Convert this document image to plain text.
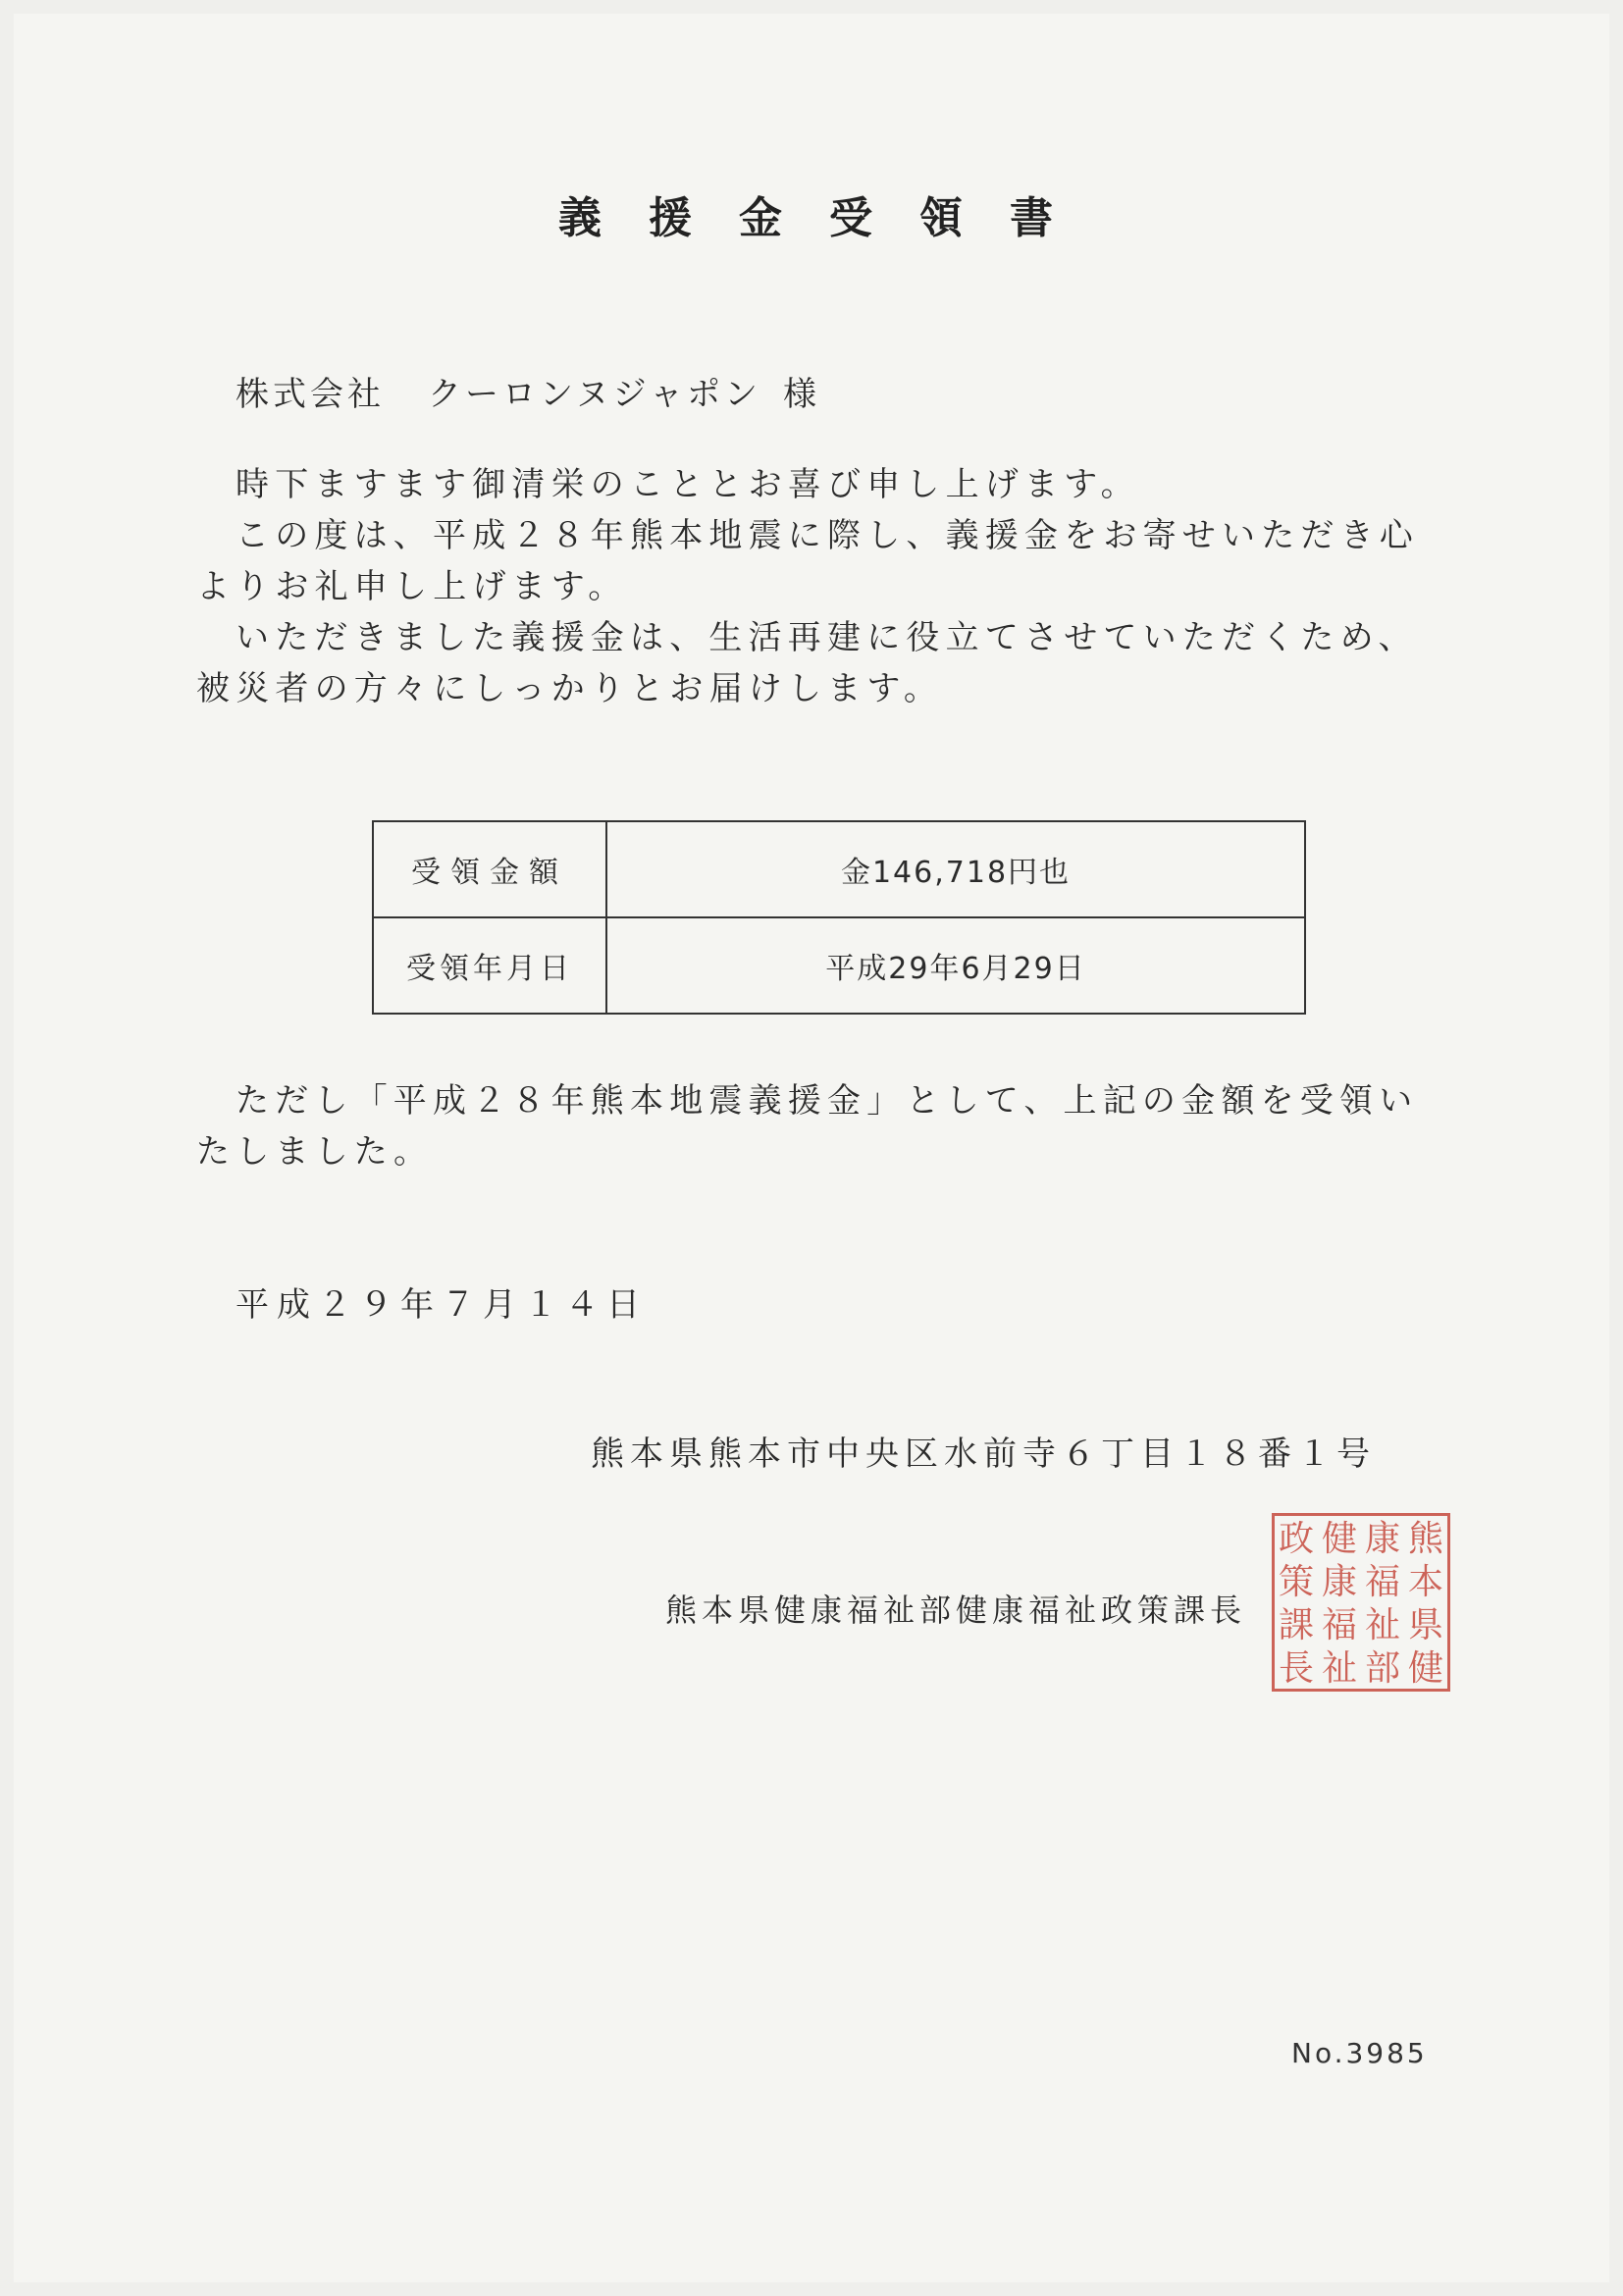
義援金受領書
株式会社 クーロンヌジャポン 様

時下ますます御清栄のこととお喜び申し上げます。

この度は、平成２８年熊本地震に際し、義援金をお寄せいただき心よりお礼申し上げます。

いただきました義援金は、生活再建に役立てさせていただくため、被災者の方々にしっかりとお届けします。

受領金額	金146,718円也
受領年月日	平成29年6月29日

ただし「平成２８年熊本地震義援金」として、上記の金額を受領いたしました。

平成２９年７月１４日
熊本県熊本市中央区水前寺６丁目１８番１号
熊本県健康福祉部健康福祉政策課長
熊
本
県
健
康
福
祉
部
健
康
福
祉
政
策
課
長
No.3985
